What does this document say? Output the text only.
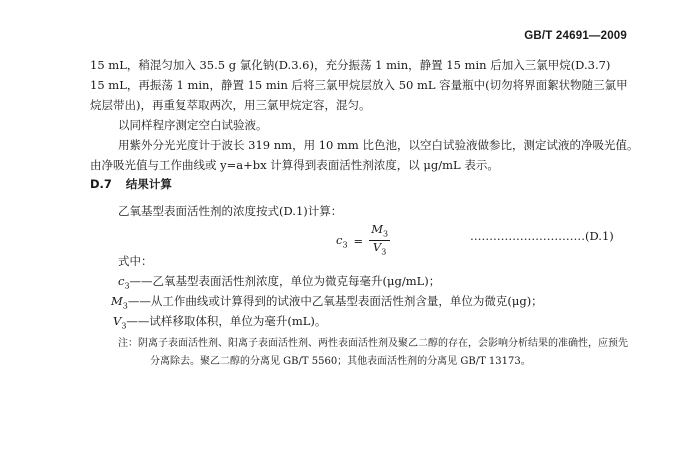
GB/T 24691—2009
15 mL，稍混匀加入 35.5 g 氯化钠(D.3.6)，充分振荡 1 min，静置 15 min 后加入三氯甲烷(D.3.7)
15 mL，再振荡 1 min，静置 15 min 后将三氯甲烷层放入 50 mL 容量瓶中(切勿将界面絮状物随三氯甲
烷层带出)，再重复萃取两次，用三氯甲烷定容，混匀。
以同样程序测定空白试验液。
用紫外分光光度计于波长 319 nm，用 10 mm 比色池，以空白试验液做参比，测定试液的净吸光值。
由净吸光值与工作曲线或 y=a+bx 计算得到表面活性剂浓度，以 μg/mL 表示。
D.7 结果计算
乙氧基型表面活性剂的浓度按式(D.1)计算：
$c_3 = \frac{M_3}{V_3}$	…………………………(D.1)
式中：
$c_3——$乙氧基型表面活性剂浓度，单位为微克每毫升(μg/mL)；
$M_3——$从工作曲线或计算得到的试液中乙氧基型表面活性剂含量，单位为微克(μg)；
$V_3——$试样移取体积，单位为毫升(mL)。
注：阴离子表面活性剂、阳离子表面活性剂、两性表面活性剂及聚乙二醇的存在，会影响分析结果的准确性，应预先
分离除去。聚乙二醇的分离见 GB/T 5560；其他表面活性剂的分离见 GB/T 13173。
